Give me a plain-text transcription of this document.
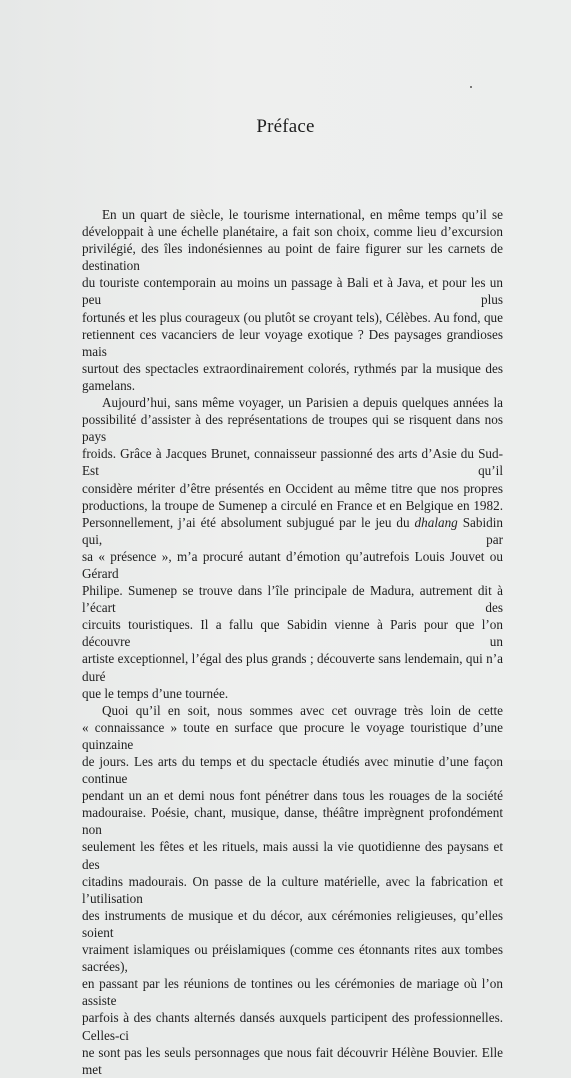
Préface

En un quart de siècle, le tourisme international, en même temps qu’il se
développait à une échelle planétaire, a fait son choix, comme lieu d’excursion
privilégié, des îles indonésiennes au point de faire figurer sur les carnets de destination
du touriste contemporain au moins un passage à Bali et à Java, et pour les un peu plus
fortunés et les plus courageux (ou plutôt se croyant tels), Célèbes. Au fond, que
retiennent ces vacanciers de leur voyage exotique ? Des paysages grandioses mais
surtout des spectacles extraordinairement colorés, rythmés par la musique des
gamelans.

Aujourd’hui, sans même voyager, un Parisien a depuis quelques années la
possibilité d’assister à des représentations de troupes qui se risquent dans nos pays
froids. Grâce à Jacques Brunet, connaisseur passionné des arts d’Asie du Sud-Est qu’il
considère mériter d’être présentés en Occident au même titre que nos propres
productions, la troupe de Sumenep a circulé en France et en Belgique en 1982.
Personnellement, j’ai été absolument subjugué par le jeu du dhalang Sabidin qui, par
sa « présence », m’a procuré autant d’émotion qu’autrefois Louis Jouvet ou Gérard
Philipe. Sumenep se trouve dans l’île principale de Madura, autrement dit à l’écart des
circuits touristiques. Il a fallu que Sabidin vienne à Paris pour que l’on découvre un
artiste exceptionnel, l’égal des plus grands ; découverte sans lendemain, qui n’a duré
que le temps d’une tournée.

Quoi qu’il en soit, nous sommes avec cet ouvrage très loin de cette
« connaissance » toute en surface que procure le voyage touristique d’une quinzaine
de jours. Les arts du temps et du spectacle étudiés avec minutie d’une façon continue
pendant un an et demi nous font pénétrer dans tous les rouages de la société
madouraise. Poésie, chant, musique, danse, théâtre imprègnent profondément non
seulement les fêtes et les rituels, mais aussi la vie quotidienne des paysans et des
citadins madourais. On passe de la culture matérielle, avec la fabrication et l’utilisation
des instruments de musique et du décor, aux cérémonies religieuses, qu’elles soient
vraiment islamiques ou préislamiques (comme ces étonnants rites aux tombes sacrées),
en passant par les réunions de tontines ou les cérémonies de mariage où l’on assiste
parfois à des chants alternés dansés auxquels participent des professionnelles. Celles-ci
ne sont pas les seuls personnages que nous fait découvrir Hélène Bouvier. Elle met
